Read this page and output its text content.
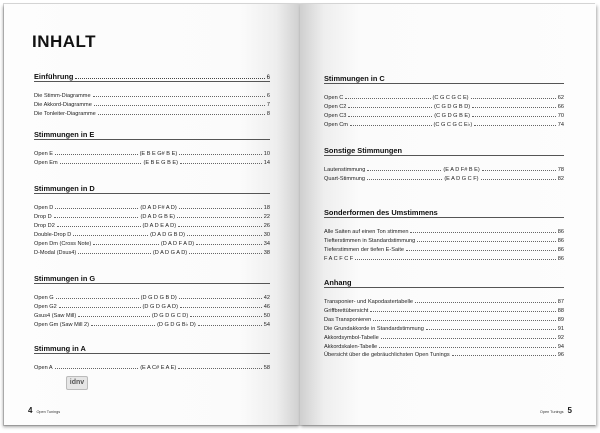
INHALT
idnv
4 Open Tunings
Einführung	6
Die Stimm-Diagramme	6
Die Akkord-Diagramme	7
Die Tonleiter-Diagramme	8
Stimmungen in E
Open E	(E B E G# B E)	10
Open Em	(E B E G B E)	14
Stimmungen in D
Open D	(D A D F# A D)	18
Drop D	(D A D G B E)	22
Drop D2	(D A D E A D)	26
Double-Drop D	(D A D G B D)	30
Open Dm (Cross Note)	(D A D F A D)	34
D-Modal (Dsus4)	(D A D G A D)	38
Stimmungen in G
Open G	(D G D G B D)	42
Open G2	(D G D G A D)	46
Gsus4 (Saw Mill)	(D G D G C D)	50
Open Gm (Saw Mill 2)	(D G D G B♭ D)	54
Stimmung in A
Open A	(E A C# E A E)	58
Open Tunings 5
Stimmungen in C
Open C	(C G C G C E)	62
Open C2	(C G D G B D)	66
Open C3	(C G D G B E)	70
Open Cm	(C G C G C E♭)	74
Sonstige Stimmungen
Lautenstimmung	(E A D F# B E)	78
Quart-Stimmung	(E A D G C F)	82
Sonderformen des Umstimmens
Alle Saiten auf einen Ton stimmen	86
Tiefterstimmen in Standardstimmung	86
Tieferstimmen der tiefen E-Saite	86
F A C F C F	86
Anhang
Transponier- und Kapodastertabelle	87
Griffbrettübersicht	88
Das Transponieren	89
Die Grundakkorde in Standardstimmung	91
Akkordsymbol-Tabelle	92
Akkordskalen-Tabelle	94
Übersicht über die gebräuchlichsten Open Tunings	96
